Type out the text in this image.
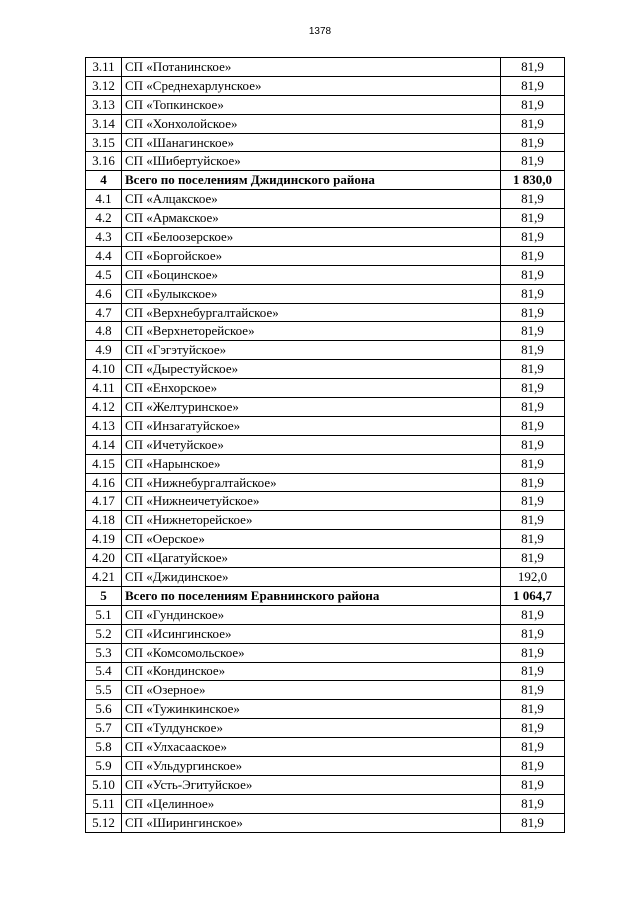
1378
3.11	СП «Потанинское»	81,9
3.12	СП «Среднехарлунское»	81,9
3.13	СП «Топкинское»	81,9
3.14	СП «Хонхолойское»	81,9
3.15	СП «Шанагинское»	81,9
3.16	СП «Шибертуйское»	81,9
4	Всего по поселениям Джидинского района	1 830,0
4.1	СП «Алцакское»	81,9
4.2	СП «Армакское»	81,9
4.3	СП «Белоозерское»	81,9
4.4	СП «Боргойское»	81,9
4.5	СП «Боцинское»	81,9
4.6	СП «Булыкское»	81,9
4.7	СП «Верхнебургалтайское»	81,9
4.8	СП «Верхнеторейское»	81,9
4.9	СП «Гэгэтуйское»	81,9
4.10	СП «Дырестуйское»	81,9
4.11	СП «Енхорское»	81,9
4.12	СП «Желтуринское»	81,9
4.13	СП «Инзагатуйское»	81,9
4.14	СП «Ичетуйское»	81,9
4.15	СП «Нарынское»	81,9
4.16	СП «Нижнебургалтайское»	81,9
4.17	СП «Нижнеичетуйское»	81,9
4.18	СП «Нижнеторейское»	81,9
4.19	СП «Оерское»	81,9
4.20	СП «Цагатуйское»	81,9
4.21	СП «Джидинское»	192,0
5	Всего по поселениям Еравнинского района	1 064,7
5.1	СП «Гундинское»	81,9
5.2	СП «Исингинское»	81,9
5.3	СП «Комсомольское»	81,9
5.4	СП «Кондинское»	81,9
5.5	СП «Озерное»	81,9
5.6	СП «Тужинкинское»	81,9
5.7	СП «Тулдунское»	81,9
5.8	СП «Улхасааское»	81,9
5.9	СП «Ульдургинское»	81,9
5.10	СП «Усть-Эгитуйское»	81,9
5.11	СП «Целинное»	81,9
5.12	СП «Ширингинское»	81,9
